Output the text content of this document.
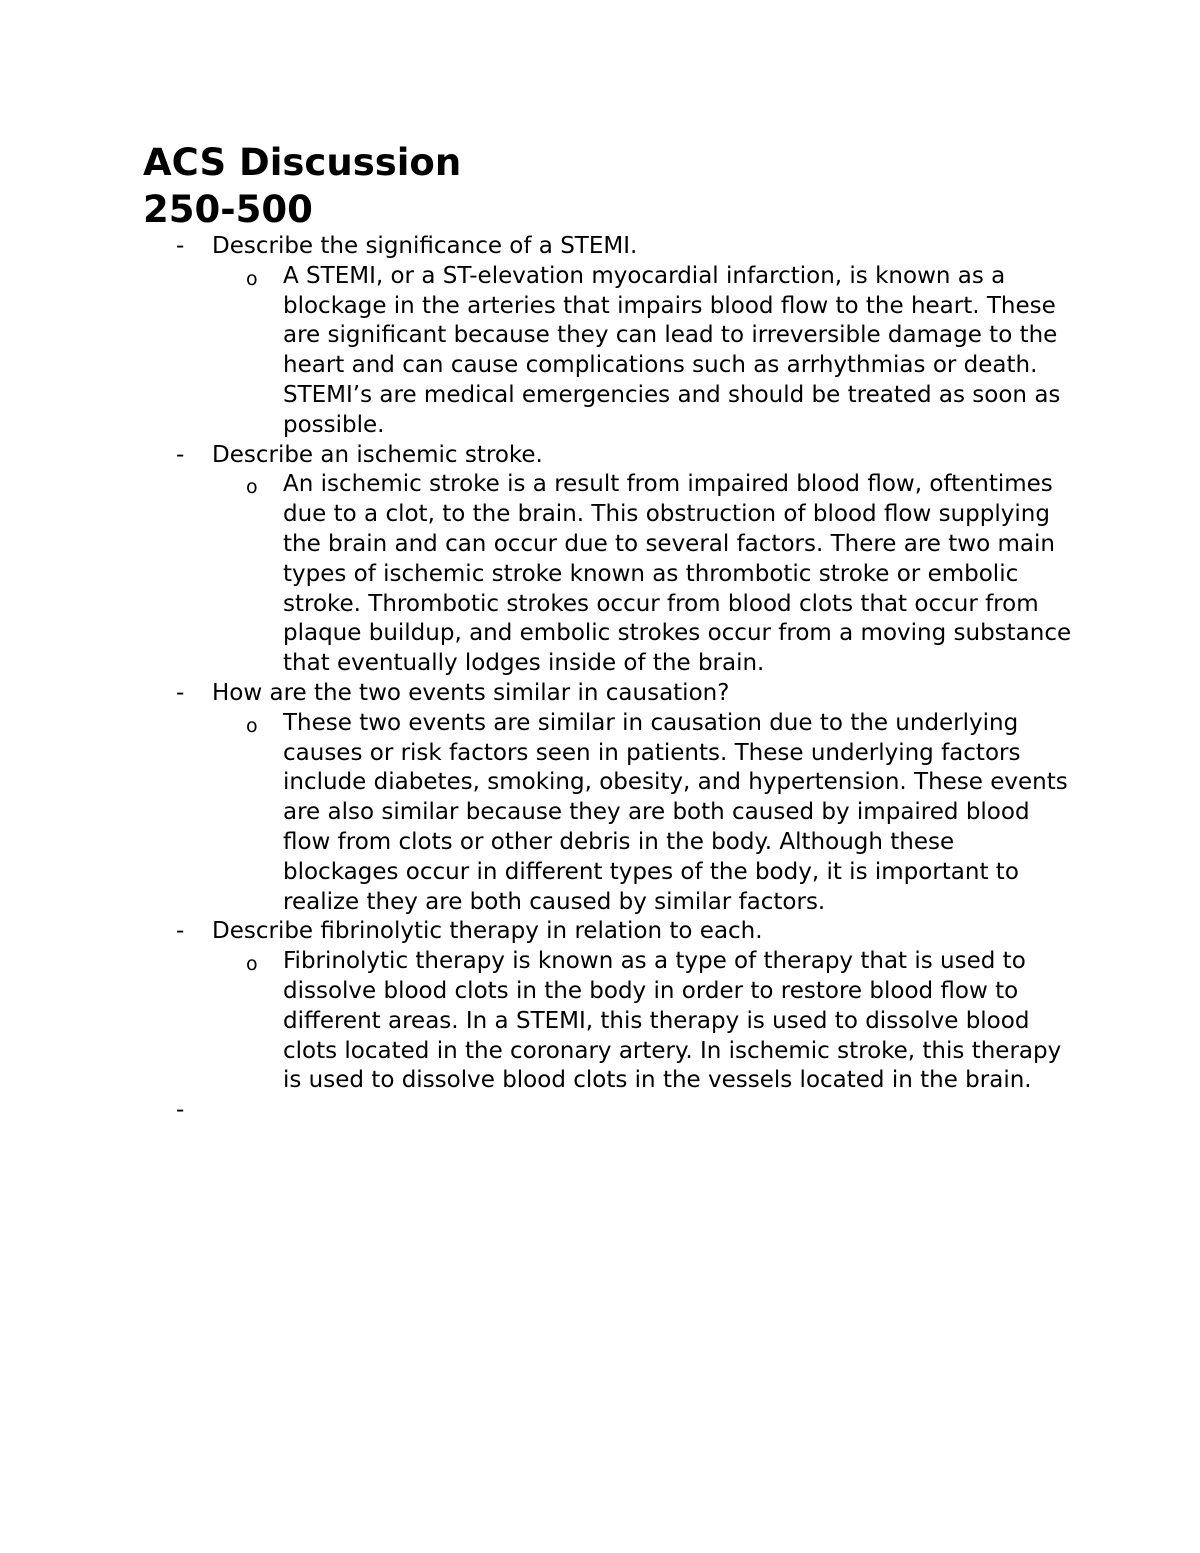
ACS Discussion
250-500
- Describe the significance of a STEMI.
o A STEMI, or a ST-elevation myocardial infarction, is known as a blockage in the arteries that impairs blood flow to the heart. These are significant because they can lead to irreversible damage to the heart and can cause complications such as arrhythmias or death. STEMI’s are medical emergencies and should be treated as soon as possible.

- Describe an ischemic stroke.
o An ischemic stroke is a result from impaired blood flow, oftentimes due to a clot, to the brain. This obstruction of blood flow supplying the brain and can occur due to several factors. There are two main types of ischemic stroke known as thrombotic stroke or embolic stroke. Thrombotic strokes occur from blood clots that occur from plaque buildup, and embolic strokes occur from a moving substance that eventually lodges inside of the brain.

- How are the two events similar in causation?
o These two events are similar in causation due to the underlying causes or risk factors seen in patients. These underlying factors include diabetes, smoking, obesity, and hypertension. These events are also similar because they are both caused by impaired blood flow from clots or other debris in the body. Although these blockages occur in different types of the body, it is important to realize they are both caused by similar factors.

- Describe fibrinolytic therapy in relation to each.
o Fibrinolytic therapy is known as a type of therapy that is used to dissolve blood clots in the body in order to restore blood flow to different areas. In a STEMI, this therapy is used to dissolve blood clots located in the coronary artery. In ischemic stroke, this therapy is used to dissolve blood clots in the vessels located in the brain.

-
